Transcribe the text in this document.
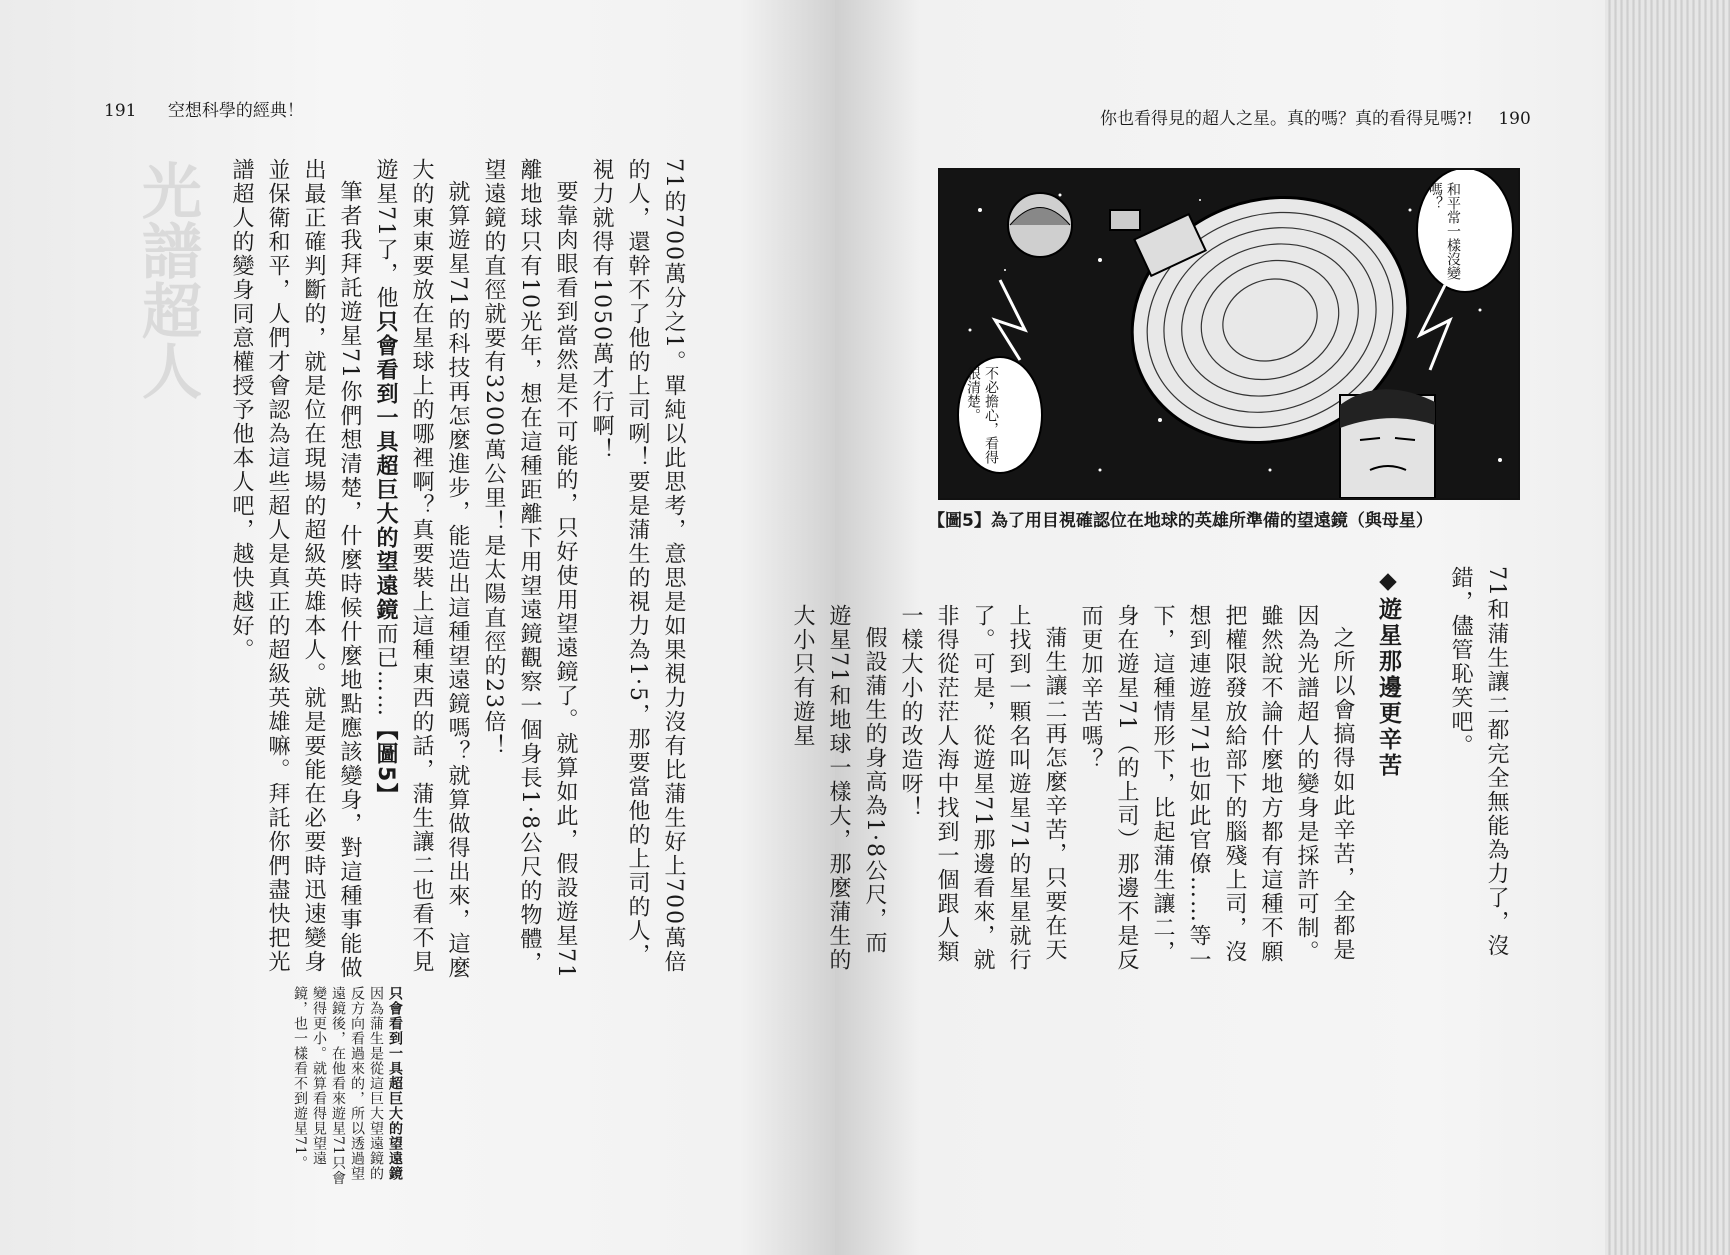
191 空想科學的經典！
光譜超人	71的700萬分之1。單純以此思考，意思是如果視力沒有比蒲生好上700萬倍的人，還幹不了他的上司咧！要是蒲生的視力為1·5，那要當他的上司的人，視力就得有1050萬才行啊！

要靠肉眼看到當然是不可能的，只好使用望遠鏡了。就算如此，假設遊星71離地球只有10光年，想在這種距離下用望遠鏡觀察一個身長1·8公尺的物體，望遠鏡的直徑就要有3200萬公里！是太陽直徑的23倍！

就算遊星71的科技再怎麼進步，能造出這種望遠鏡嗎？就算做得出來，這麼大的東東要放在星球上的哪裡啊？真要裝上這種東西的話，蒲生讓二也看不見遊星71了，他只會看到一具超巨大的望遠鏡而已……【圖5】

筆者我拜託遊星71你們想清楚，什麼時候什麼地點應該變身，對這種事能做出最正確判斷的，就是位在現場的超級英雄本人。就是要能在必要時迅速變身並保衛和平，人們才會認為這些超人是真正的超級英雄嘛。拜託你們盡快把光譜超人的變身同意權授予他本人吧，越快越好。

只會看到一具超巨大的望遠鏡
因為蒲生是從這巨大望遠鏡的反方向看過來的，所以透過望遠鏡後，在他看來遊星71只會變得更小。就算看得見望遠鏡，也一樣看不到遊星71。
你也看得見的超人之星。真的嗎？真的看得見嗎?! 190
和平常一樣沒變嗎？
不必擔心，看得很清楚。
【圖5】為了用目視確認位在地球的英雄所準備的望遠鏡（與母星）

71和蒲生讓二都完全無能為力了，沒錯，儘管恥笑吧。

◆遊星那邊更辛苦

之所以會搞得如此辛苦，全都是因為光譜超人的變身是採許可制。雖然說不論什麼地方都有這種不願把權限發放給部下的腦殘上司，沒想到連遊星71也如此官僚……等一下，這種情形下，比起蒲生讓二，身在遊星71（的上司）那邊不是反而更加辛苦嗎？

蒲生讓二再怎麼辛苦，只要在天上找到一顆名叫遊星71的星星就行了。可是，從遊星71那邊看來，就非得從茫茫人海中找到一個跟人類一樣大小的改造呀！

假設蒲生的身高為1·8公尺，而遊星71和地球一樣大，那麼蒲生的大小只有遊星
